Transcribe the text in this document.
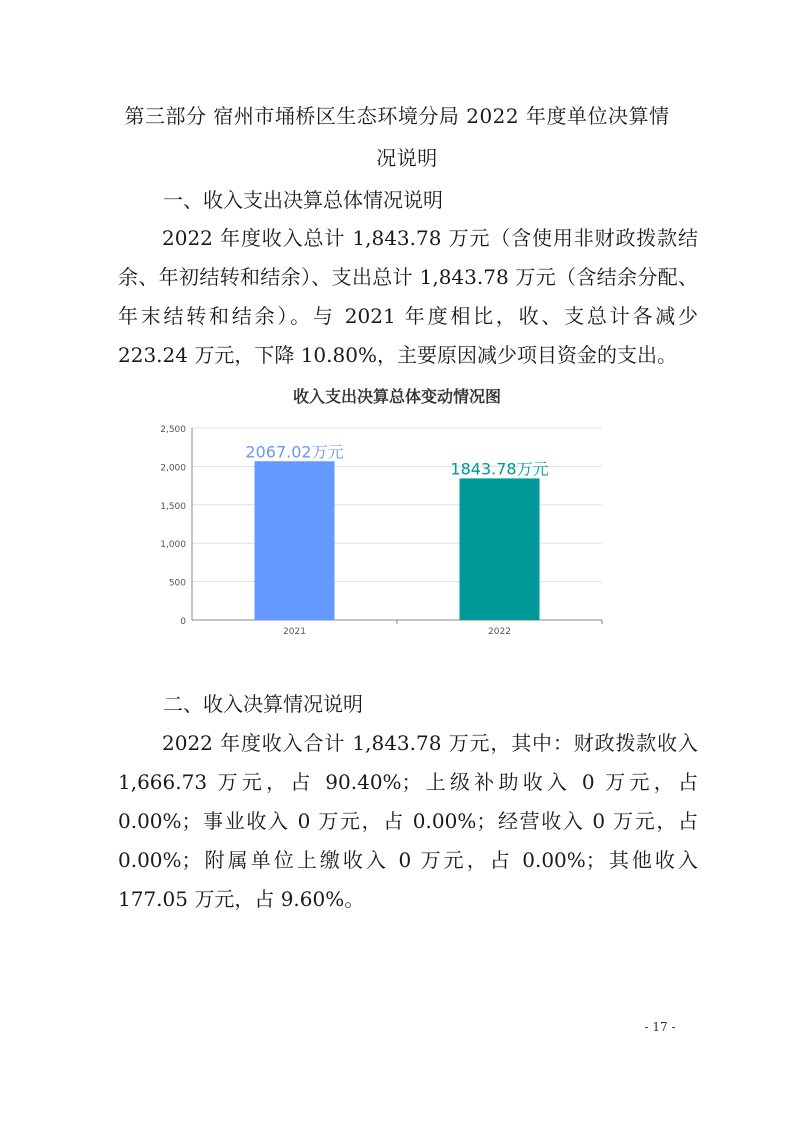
第三部分 宿州市埇桥区生态环境分局 2022 年度单位决算情
况说明
一、收入支出决算总体情况说明
2022 年度收入总计 1,843.78 万元（含使用非财政拨款结余、年初结转和结余）、支出总计 1,843.78 万元（含结余分配、年末结转和结余）。与 2021 年度相比，收、支总计各减少 223.24 万元，下降 10.80%，主要原因减少项目资金的支出。
收入支出决算总体变动情况图
0
500
1,000
1,500
2,000
2,500
2067.02万元
2021
1843.78万元
2022
二、收入决算情况说明
2022 年度收入合计 1,843.78 万元，其中：财政拨款收入 1,666.73 万元，占 90.40%；上级补助收入 0 万元，占 0.00%；事业收入 0 万元，占 0.00%；经营收入 0 万元，占 0.00%；附属单位上缴收入 0 万元，占 0.00%；其他收入 177.05 万元，占 9.60%。
- 17 -
